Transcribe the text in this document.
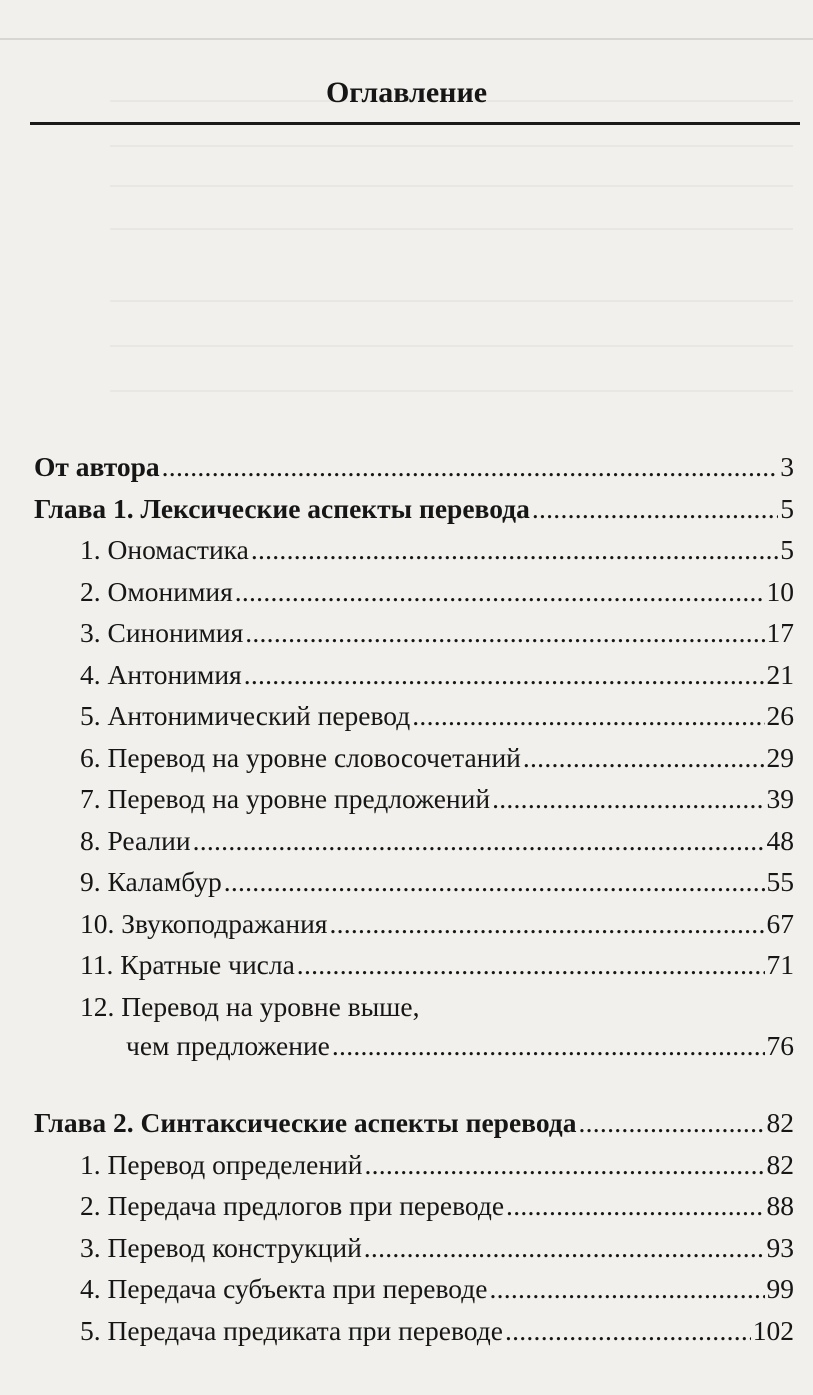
Оглавление
От автора . . .	3
Глава 1. Лексические аспекты перевода . . .	5
1. Ономастика . . .	5
2. Омонимия . . .	10
3. Синонимия . . .	17
4. Антонимия . . .	21
5. Антонимический перевод . . .	26
6. Перевод на уровне словосочетаний . . .	29
7. Перевод на уровне предложений . . .	39
8. Реалии . . .	48
9. Каламбур . . .	55
10. Звукоподражания . . .	67
11. Кратные числа . . .	71
12. Перевод на уровне выше,
чем предложение . . .	76
Глава 2. Синтаксические аспекты перевода . . .	82
1. Перевод определений . . .	82
2. Передача предлогов при переводе . . .	88
3. Перевод конструкций . . .	93
4. Передача субъекта при переводе . . .	99
5. Передача предиката при переводе . . .	102
